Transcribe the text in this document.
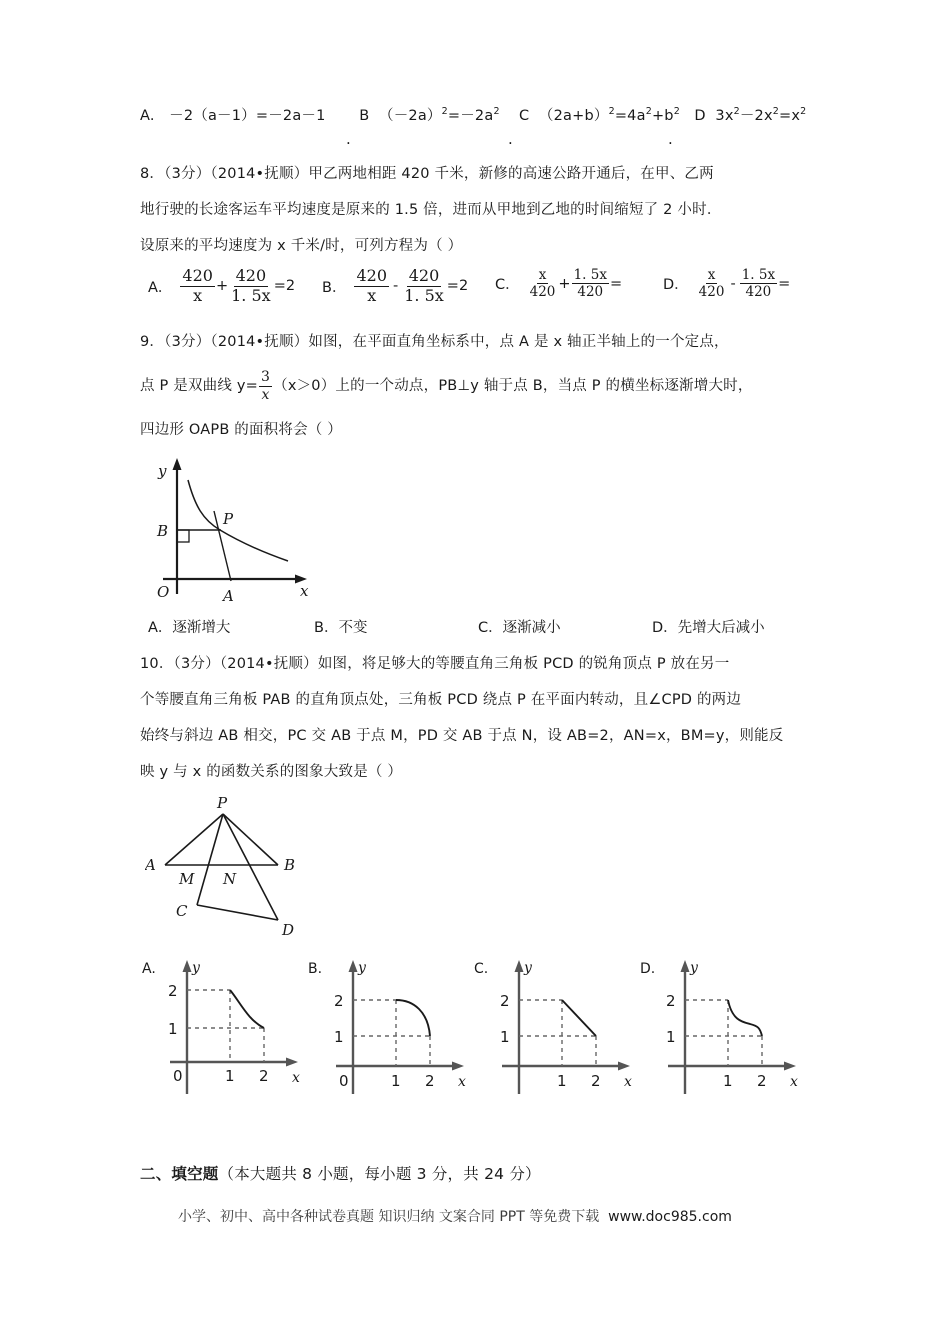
A. －2（a－1）=－2a－1 B $(-2a)^2=-2a^2$ C $(2a+b)^2=4a^2+b^2$ D $3x^2-2x^2=x^2$
.	.	.
8．（3分）（2014•抚顺）甲乙两地相距 420 千米，新修的高速公路开通后，在甲、乙两
地行驶的长途客运车平均速度是原来的 1.5 倍，进而从甲地到乙地的时间缩短了 2 小时．
设原来的平均速度为 x 千米/时，可列方程为（ ）
A． $\frac{420}{x} + \frac{420}{1. 5x} =2$ B． $\frac{420}{x} - \frac{420}{1. 5x} =2$ C． $\frac{x}{420} + \frac{1. 5x}{420}$ =	D． $\frac{x}{420} - \frac{1. 5x}{420}$ =
9．（3分）（2014•抚顺）如图，在平面直角坐标系中，点 A 是 x 轴正半轴上的一个定点，
点 P 是双曲线 $y= \frac{3}{x} (x>0)$上的一个动点，PB⊥y 轴于点 B，当点 P 的横坐标逐渐增大时，
四边形 OAPB 的面积将会（ ）
y
x
O
B
P
A
A．逐渐增大	B．不变	C．逐渐减小	D．先增大后减小
10．（3分）（2014•抚顺）如图，将足够大的等腰直角三角板 PCD 的锐角顶点 P 放在另一
个等腰直角三角板 PAB 的直角顶点处，三角板 PCD 绕点 P 在平面内转动，且∠CPD 的两边
始终与斜边 AB 相交，PC 交 AB 于点 M，PD 交 AB 于点 N，设 AB=2，AN=x，BM=y，则能反
映 y 与 x 的函数关系的图象大致是（ ）
P
A
M N
B
C
D
A.	y
x
2
1
0	1 2
B.	y
x
2
1
0	1 2
C.	y
x
2
1
1 2
D. y
x
2
1
1 2
二、填空题（本大题共 8 小题，每小题 3 分，共 24 分）
小学、初中、高中各种试卷真题 知识归纳 文案合同 PPT 等免费下载 www.doc985.com
